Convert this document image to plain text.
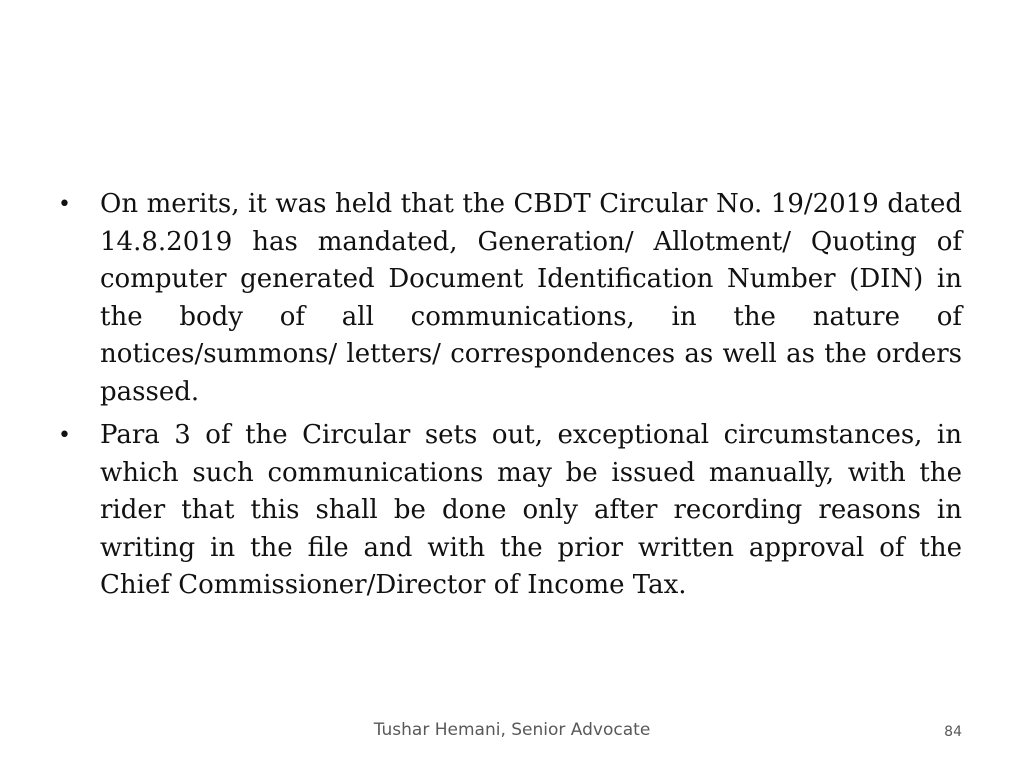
• On merits, it was held that the CBDT Circular No. 19/2019 dated 14.8.2019 has mandated, Generation/ Allotment/ Quoting of computer generated Document Identification Number (DIN) in the body of all communications, in the nature of notices/summons/ letters/ correspondences as well as the orders passed.
• Para 3 of the Circular sets out, exceptional circumstances, in which such communications may be issued manually, with the rider that this shall be done only after recording reasons in writing in the file and with the prior written approval of the Chief Commissioner/Director of Income Tax.
Tushar Hemani, Senior Advocate	84
